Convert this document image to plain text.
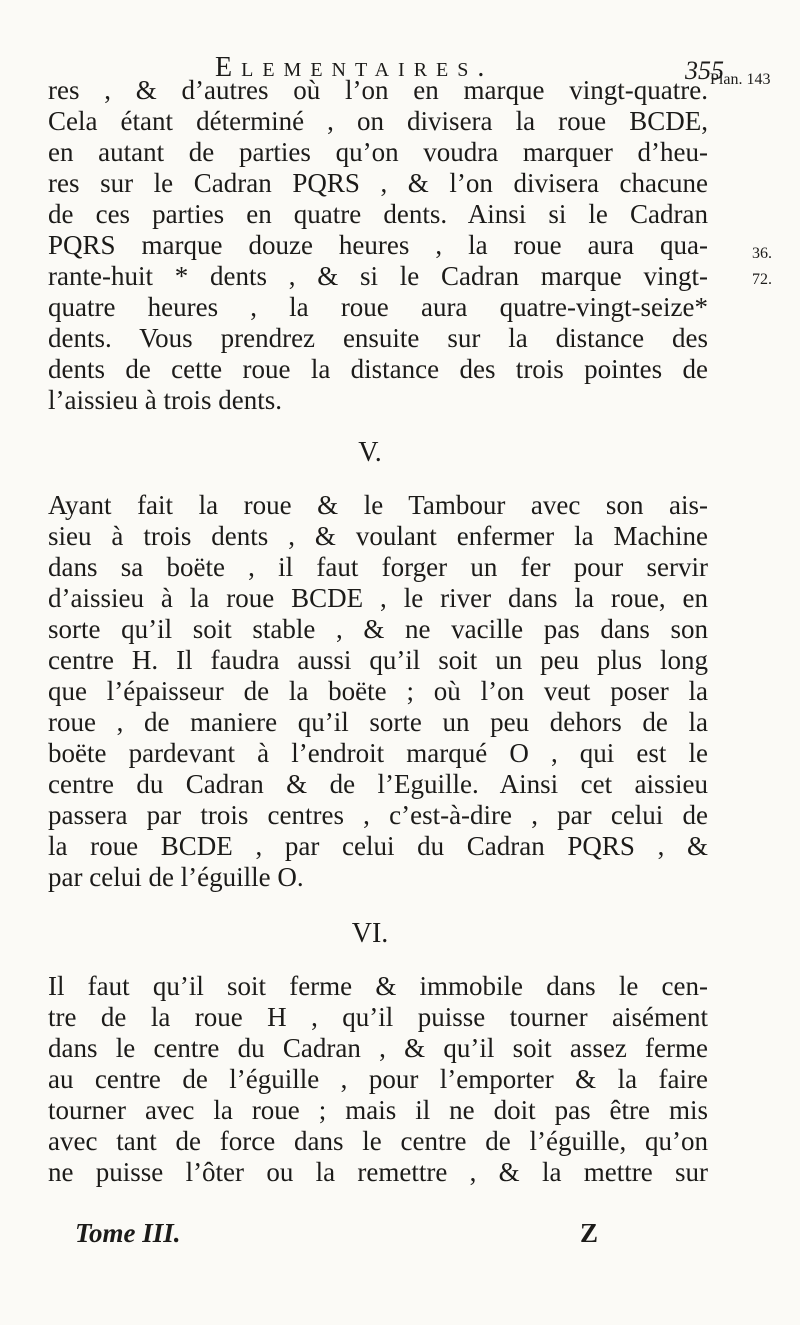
Elementaires.	355
Plan. 143
36.
72.
res , & d’autres où l’on en marque vingt-quatre.
Cela étant déterminé , on divisera la roue BCDE,
en autant de parties qu’on voudra marquer d’heu-
res sur le Cadran PQRS , & l’on divisera chacune
de ces parties en quatre dents. Ainsi si le Cadran
PQRS marque douze heures , la roue aura qua-
rante-huit * dents , & si le Cadran marque vingt-
quatre heures , la roue aura quatre-vingt-seize*
dents. Vous prendrez ensuite sur la distance des
dents de cette roue la distance des trois pointes de
l’aissieu à trois dents.
V.
Ayant fait la roue & le Tambour avec son ais-
sieu à trois dents , & voulant enfermer la Machine
dans sa boëte , il faut forger un fer pour servir
d’aissieu à la roue BCDE , le river dans la roue, en
sorte qu’il soit stable , & ne vacille pas dans son
centre H. Il faudra aussi qu’il soit un peu plus long
que l’épaisseur de la boëte ; où l’on veut poser la
roue , de maniere qu’il sorte un peu dehors de la
boëte pardevant à l’endroit marqué O , qui est le
centre du Cadran & de l’Eguille. Ainsi cet aissieu
passera par trois centres , c’est-à-dire , par celui de
la roue BCDE , par celui du Cadran PQRS , &
par celui de l’éguille O.
VI.
Il faut qu’il soit ferme & immobile dans le cen-
tre de la roue H , qu’il puisse tourner aisément
dans le centre du Cadran , & qu’il soit assez ferme
au centre de l’éguille , pour l’emporter & la faire
tourner avec la roue ; mais il ne doit pas être mis
avec tant de force dans le centre de l’éguille, qu’on
ne puisse l’ôter ou la remettre , & la mettre sur
Tome III.	Z
